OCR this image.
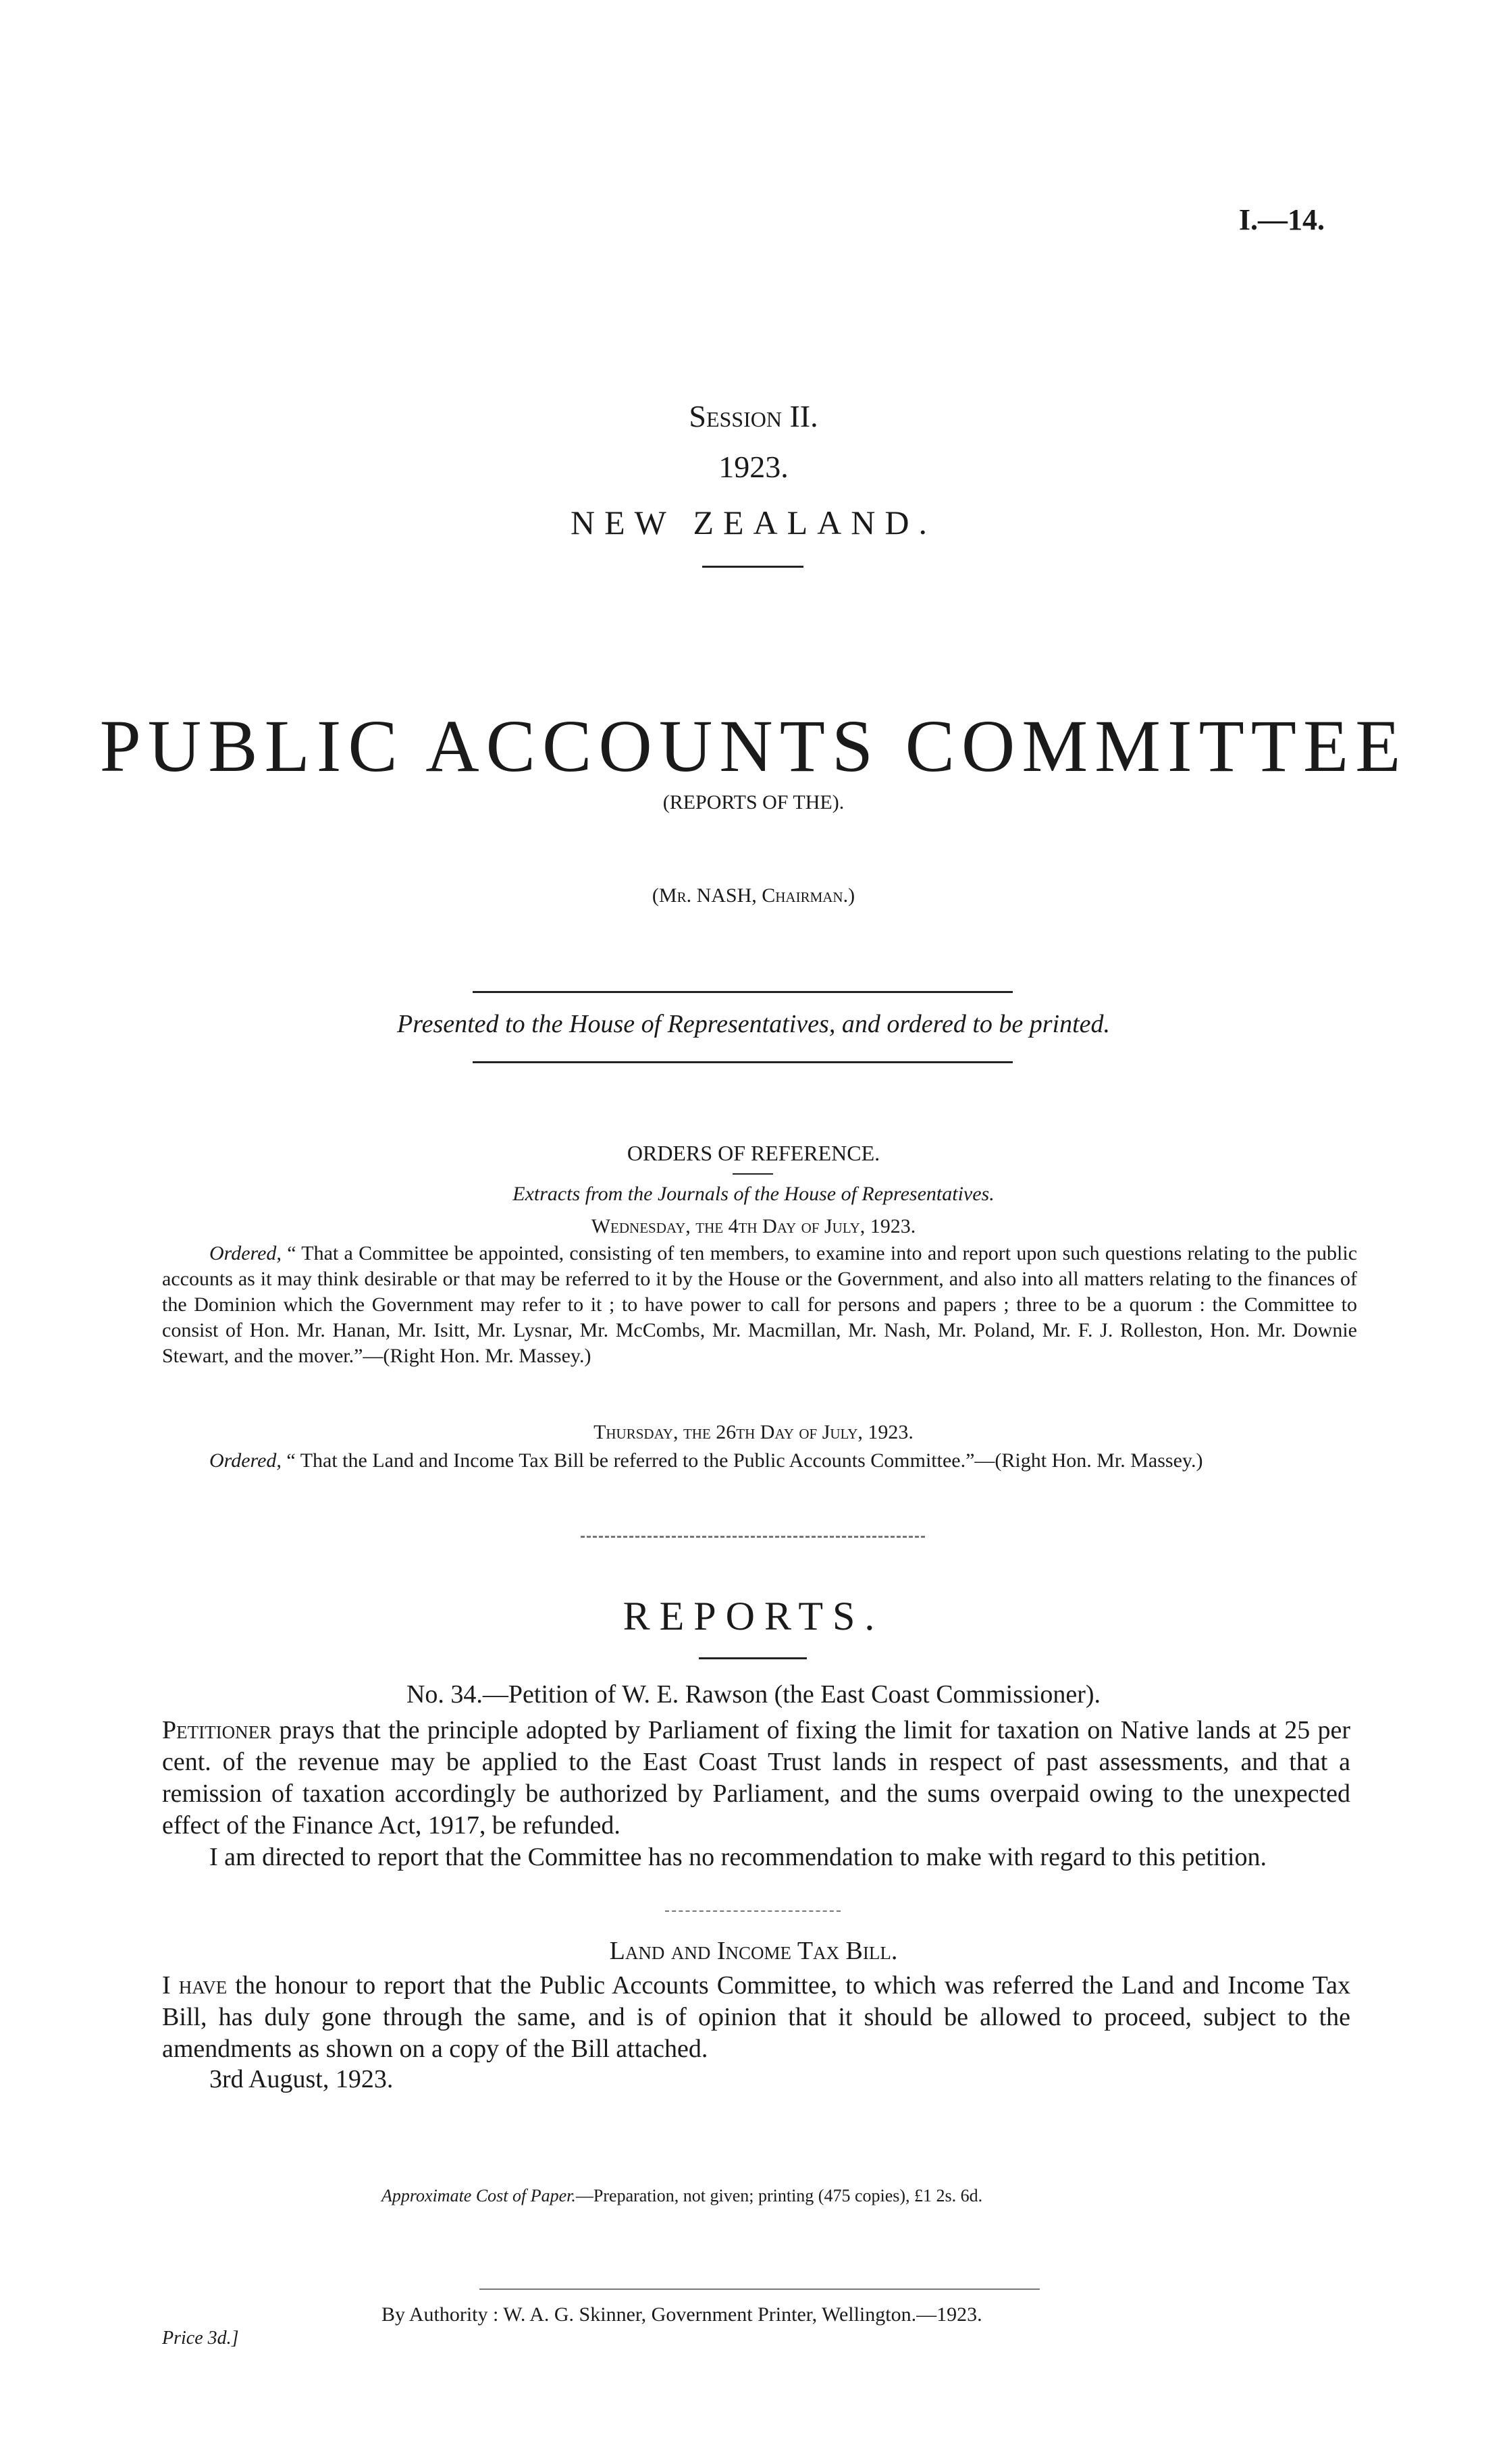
I.—14.
Session II.
1923.
NEW ZEALAND.
PUBLIC ACCOUNTS COMMITTEE
(REPORTS OF THE).
(Mr. NASH, Chairman.)
Presented to the House of Representatives, and ordered to be printed.
ORDERS OF REFERENCE.
Extracts from the Journals of the House of Representatives.
Wednesday, the 4th Day of July, 1923.
Ordered, “ That a Committee be appointed, consisting of ten members, to examine into and report upon such questions relating to the public accounts as it may think desirable or that may be referred to it by the House or the Government, and also into all matters relating to the finances of the Dominion which the Government may refer to it ; to have power to call for persons and papers ; three to be a quorum : the Committee to consist of Hon. Mr. Hanan, Mr. Isitt, Mr. Lysnar, Mr. McCombs, Mr. Macmillan, Mr. Nash, Mr. Poland, Mr. F. J. Rolleston, Hon. Mr. Downie Stewart, and the mover.”—(Right Hon. Mr. Massey.)
Thursday, the 26th Day of July, 1923.
Ordered, “ That the Land and Income Tax Bill be referred to the Public Accounts Committee.”—(Right Hon. Mr. Massey.)
REPORTS.
No. 34.—Petition of W. E. Rawson (the East Coast Commissioner).
Petitioner prays that the principle adopted by Parliament of fixing the limit for taxation on Native lands at 25 per cent. of the revenue may be applied to the East Coast Trust lands in respect of past assessments, and that a remission of taxation accordingly be authorized by Parliament, and the sums overpaid owing to the unexpected effect of the Finance Act, 1917, be refunded.
I am directed to report that the Committee has no recommendation to make with regard to this petition.
Land and Income Tax Bill.
I have the honour to report that the Public Accounts Committee, to which was referred the Land and Income Tax Bill, has duly gone through the same, and is of opinion that it should be allowed to proceed, subject to the amendments as shown on a copy of the Bill attached.
3rd August, 1923.
Approximate Cost of Paper.—Preparation, not given; printing (475 copies), £1 2s. 6d.
By Authority : W. A. G. Skinner, Government Printer, Wellington.—1923.
Price 3d.]
